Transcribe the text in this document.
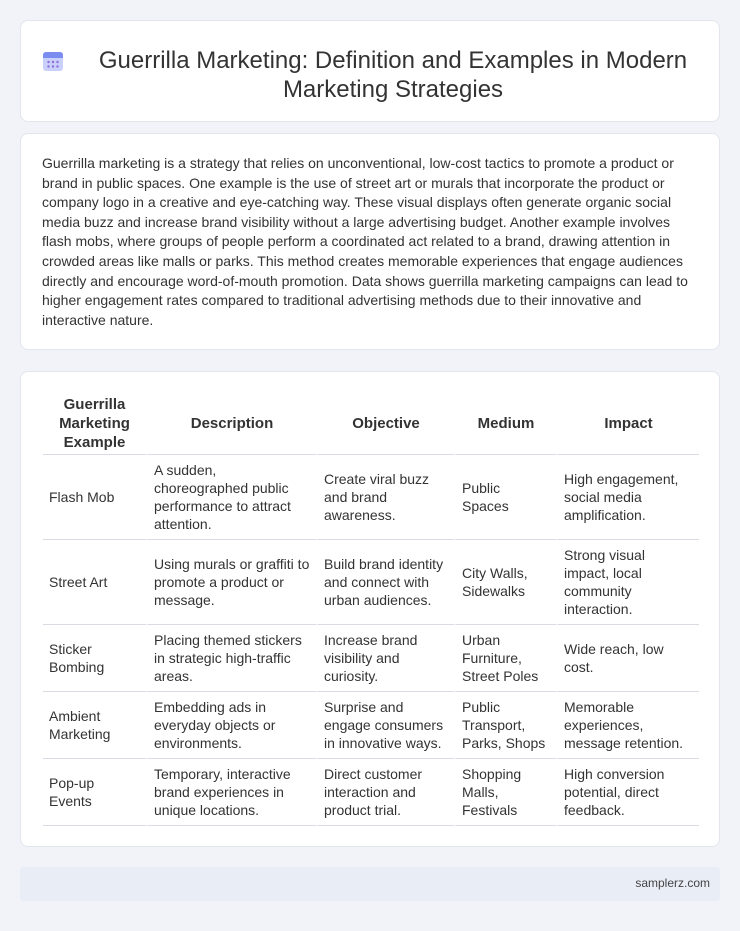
Guerrilla Marketing: Definition and Examples in Modern Marketing Strategies

Guerrilla marketing is a strategy that relies on unconventional, low-cost tactics to promote a product or brand in public spaces. One example is the use of street art or murals that incorporate the product or company logo in a creative and eye-catching way. These visual displays often generate organic social media buzz and increase brand visibility without a large advertising budget. Another example involves flash mobs, where groups of people perform a coordinated act related to a brand, drawing attention in crowded areas like malls or parks. This method creates memorable experiences that engage audiences directly and encourage word-of-mouth promotion. Data shows guerrilla marketing campaigns can lead to higher engagement rates compared to traditional advertising methods due to their innovative and interactive nature.

Guerrilla Marketing Example	Description	Objective	Medium	Impact
Flash Mob	A sudden, choreographed public performance to attract attention.	Create viral buzz and brand awareness.	Public Spaces	High engagement, social media amplification.
Street Art	Using murals or graffiti to promote a product or message.	Build brand identity and connect with urban audiences.	City Walls, Sidewalks	Strong visual impact, local community interaction.
Sticker Bombing	Placing themed stickers in strategic high-traffic areas.	Increase brand visibility and curiosity.	Urban Furniture, Street Poles	Wide reach, low cost.
Ambient Marketing	Embedding ads in everyday objects or environments.	Surprise and engage consumers in innovative ways.	Public Transport, Parks, Shops	Memorable experiences, message retention.
Pop-up Events	Temporary, interactive brand experiences in unique locations.	Direct customer interaction and product trial.	Shopping Malls, Festivals	High conversion potential, direct feedback.
samplerz.com
